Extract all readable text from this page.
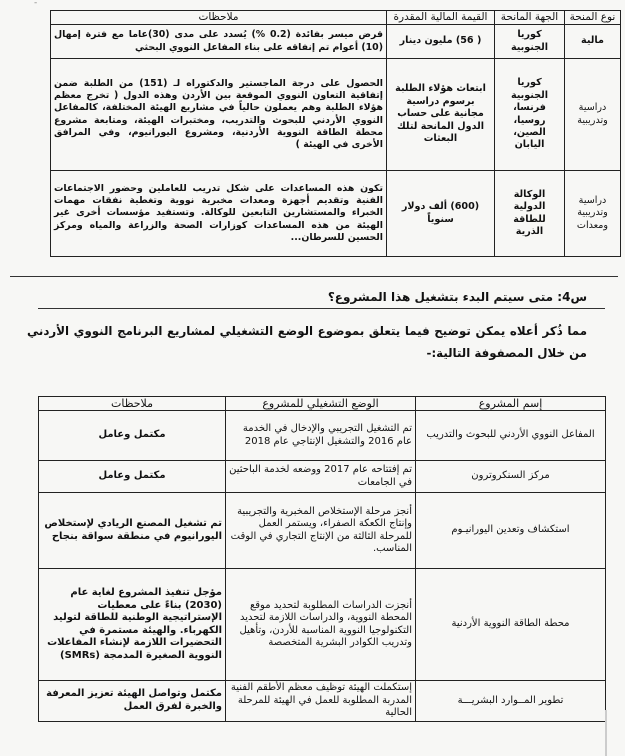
-
نوع المنحة	الجهة المانحة	القيمة المالية المقدرة	ملاحظات
مالية	كوريا الجنوبية	( 56) مليون دينار	قرض ميسر بفائدة (0.2 %) يُسدد على مدى (30)عاما مع فترة إمهال (10) أعوام تم إنفاقه على بناء المفاعل النووي البحثي
دراسية وتدريبية	كوريا الجنوبية فرنسا، روسيا، الصين، اليابان	ابتعاث هؤلاء الطلبة برسوم دراسية مجانية على حساب الدول المانحة لتلك البعثات	الحصول على درجة الماجستير والدكتوراه لـ (151) من الطلبة ضمن إتفاقية التعاون النووي الموقعة بين الأردن وهذه الدول ( تخرج معظم هؤلاء الطلبة وهم يعملون حالياً في مشاريع الهيئة المختلفة، كالمفاعل النووي الأردني للبحوث والتدريب، ومختبرات الهيئة، ومتابعة مشروع محطة الطاقة النووية الأردنية، ومشروع اليورانيوم، وفي المرافق الأخرى في الهيئة )
دراسية وتدريبية ومعدات	الوكالة الدولية للطاقة الذرية	(600) ألف دولار سنوياً	تكون هذه المساعدات على شكل تدريب للعاملين وحضور الاجتماعات الفنية وتقديم أجهزة ومعدات مخبرية نووية وتغطية نفقات مهمات الخبراء والمستشارين التابعين للوكالة. وتستفيد مؤسسات أخرى غير الهيئة من هذه المساعدات كوزارات الصحة والزراعة والمياه ومركز الحسين للسرطان...
س4: متى سيتم البدء بتشغيل هذا المشروع؟
مما ذُكر أعلاه يمكن توضيح فيما يتعلق بموضوع الوضع التشغيلي لمشاريع البرنامج النووي الأردني من خلال المصفوفة التالية:-
إسم المشروع	الوضع التشغيلي للمشروع	ملاحظات
المفاعل النووي الأردني للبحوث والتدريب	تم التشغيل التجريبي والإدخال في الخدمة عام 2016 والتشغيل الإنتاجي عام 2018	مكتمل وعامل
مركز السنكروترون	تم إفتتاحه عام 2017 ووضعه لخدمة الباحثين في الجامعات	مكتمل وعامل
استكشاف وتعدين اليورانيـوم	أنجز مرحلة الإستخلاص المخبرية والتجريبية وإنتاج الكعكة الصفراء، ويستمر العمل للمرحلة الثالثة من الإنتاج التجاري في الوقت المناسب.	تم تشغيل المصنع الريادي لإستخلاص اليورانيوم في منطقة سواقة بنجاح
محطة الطاقة النووية الأردنية	أنجزت الدراسات المطلوبة لتحديد موقع المحطة النووية، والدراسات اللازمة لتحديد التكنولوجيا النووية المناسبة للأردن، وتأهيل وتدريب الكوادر البشرية المتخصصة	مؤجل تنفيذ المشروع لغاية عام (2030) بناءً على معطيات الإستراتيجية الوطنية للطاقة لتوليد الكهرباء. والهيئة مستمرة في التحضيرات اللازمة لإنشاء المفاعلات النووية الصغيرة المدمجة (SMRs)
تطوير المــوارد البشريـــة	إستكملت الهيئة توظيف معظم الأطقم الفنية المدربة المطلوبة للعمل في الهيئة للمرحلة الحالية	مكتمل وتواصل الهيئة تعزيز المعرفة والخبرة لفرق العمل
